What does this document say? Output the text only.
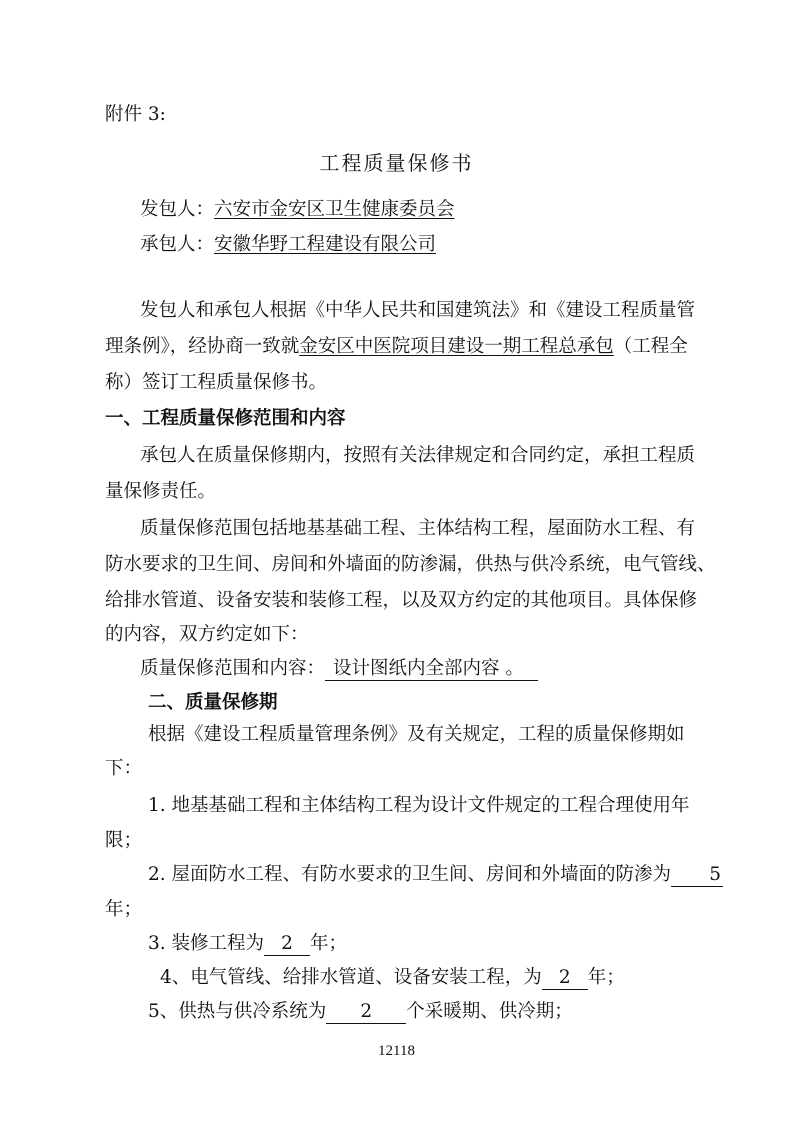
附件 3:
工程质量保修书
发包人：六安市金安区卫生健康委员会
承包人：安徽华野工程建设有限公司
发包人和承包人根据《中华人民共和国建筑法》和《建设工程质量管
理条例》，经协商一致就金安区中医院项目建设一期工程总承包（工程全
称）签订工程质量保修书。
一、工程质量保修范围和内容
承包人在质量保修期内，按照有关法律规定和合同约定，承担工程质
量保修责任。
质量保修范围包括地基基础工程、主体结构工程，屋面防水工程、有
防水要求的卫生间、房间和外墙面的防渗漏，供热与供冷系统，电气管线、
给排水管道、设备安装和装修工程，以及双方约定的其他项目。具体保修
的内容，双方约定如下：
质量保修范围和内容： 设计图纸内全部内容 。
二、质量保修期
根据《建设工程质量管理条例》及有关规定，工程的质量保修期如
下：
1. 地基基础工程和主体结构工程为设计文件规定的工程合理使用年
限；
2. 屋面防水工程、有防水要求的卫生间、房间和外墙面的防渗为 5
年；
3. 装修工程为 2 年；
4、电气管线、给排水管道、设备安装工程，为 2 年；
5、供热与供冷系统为 2 个采暖期、供冷期；
12118
